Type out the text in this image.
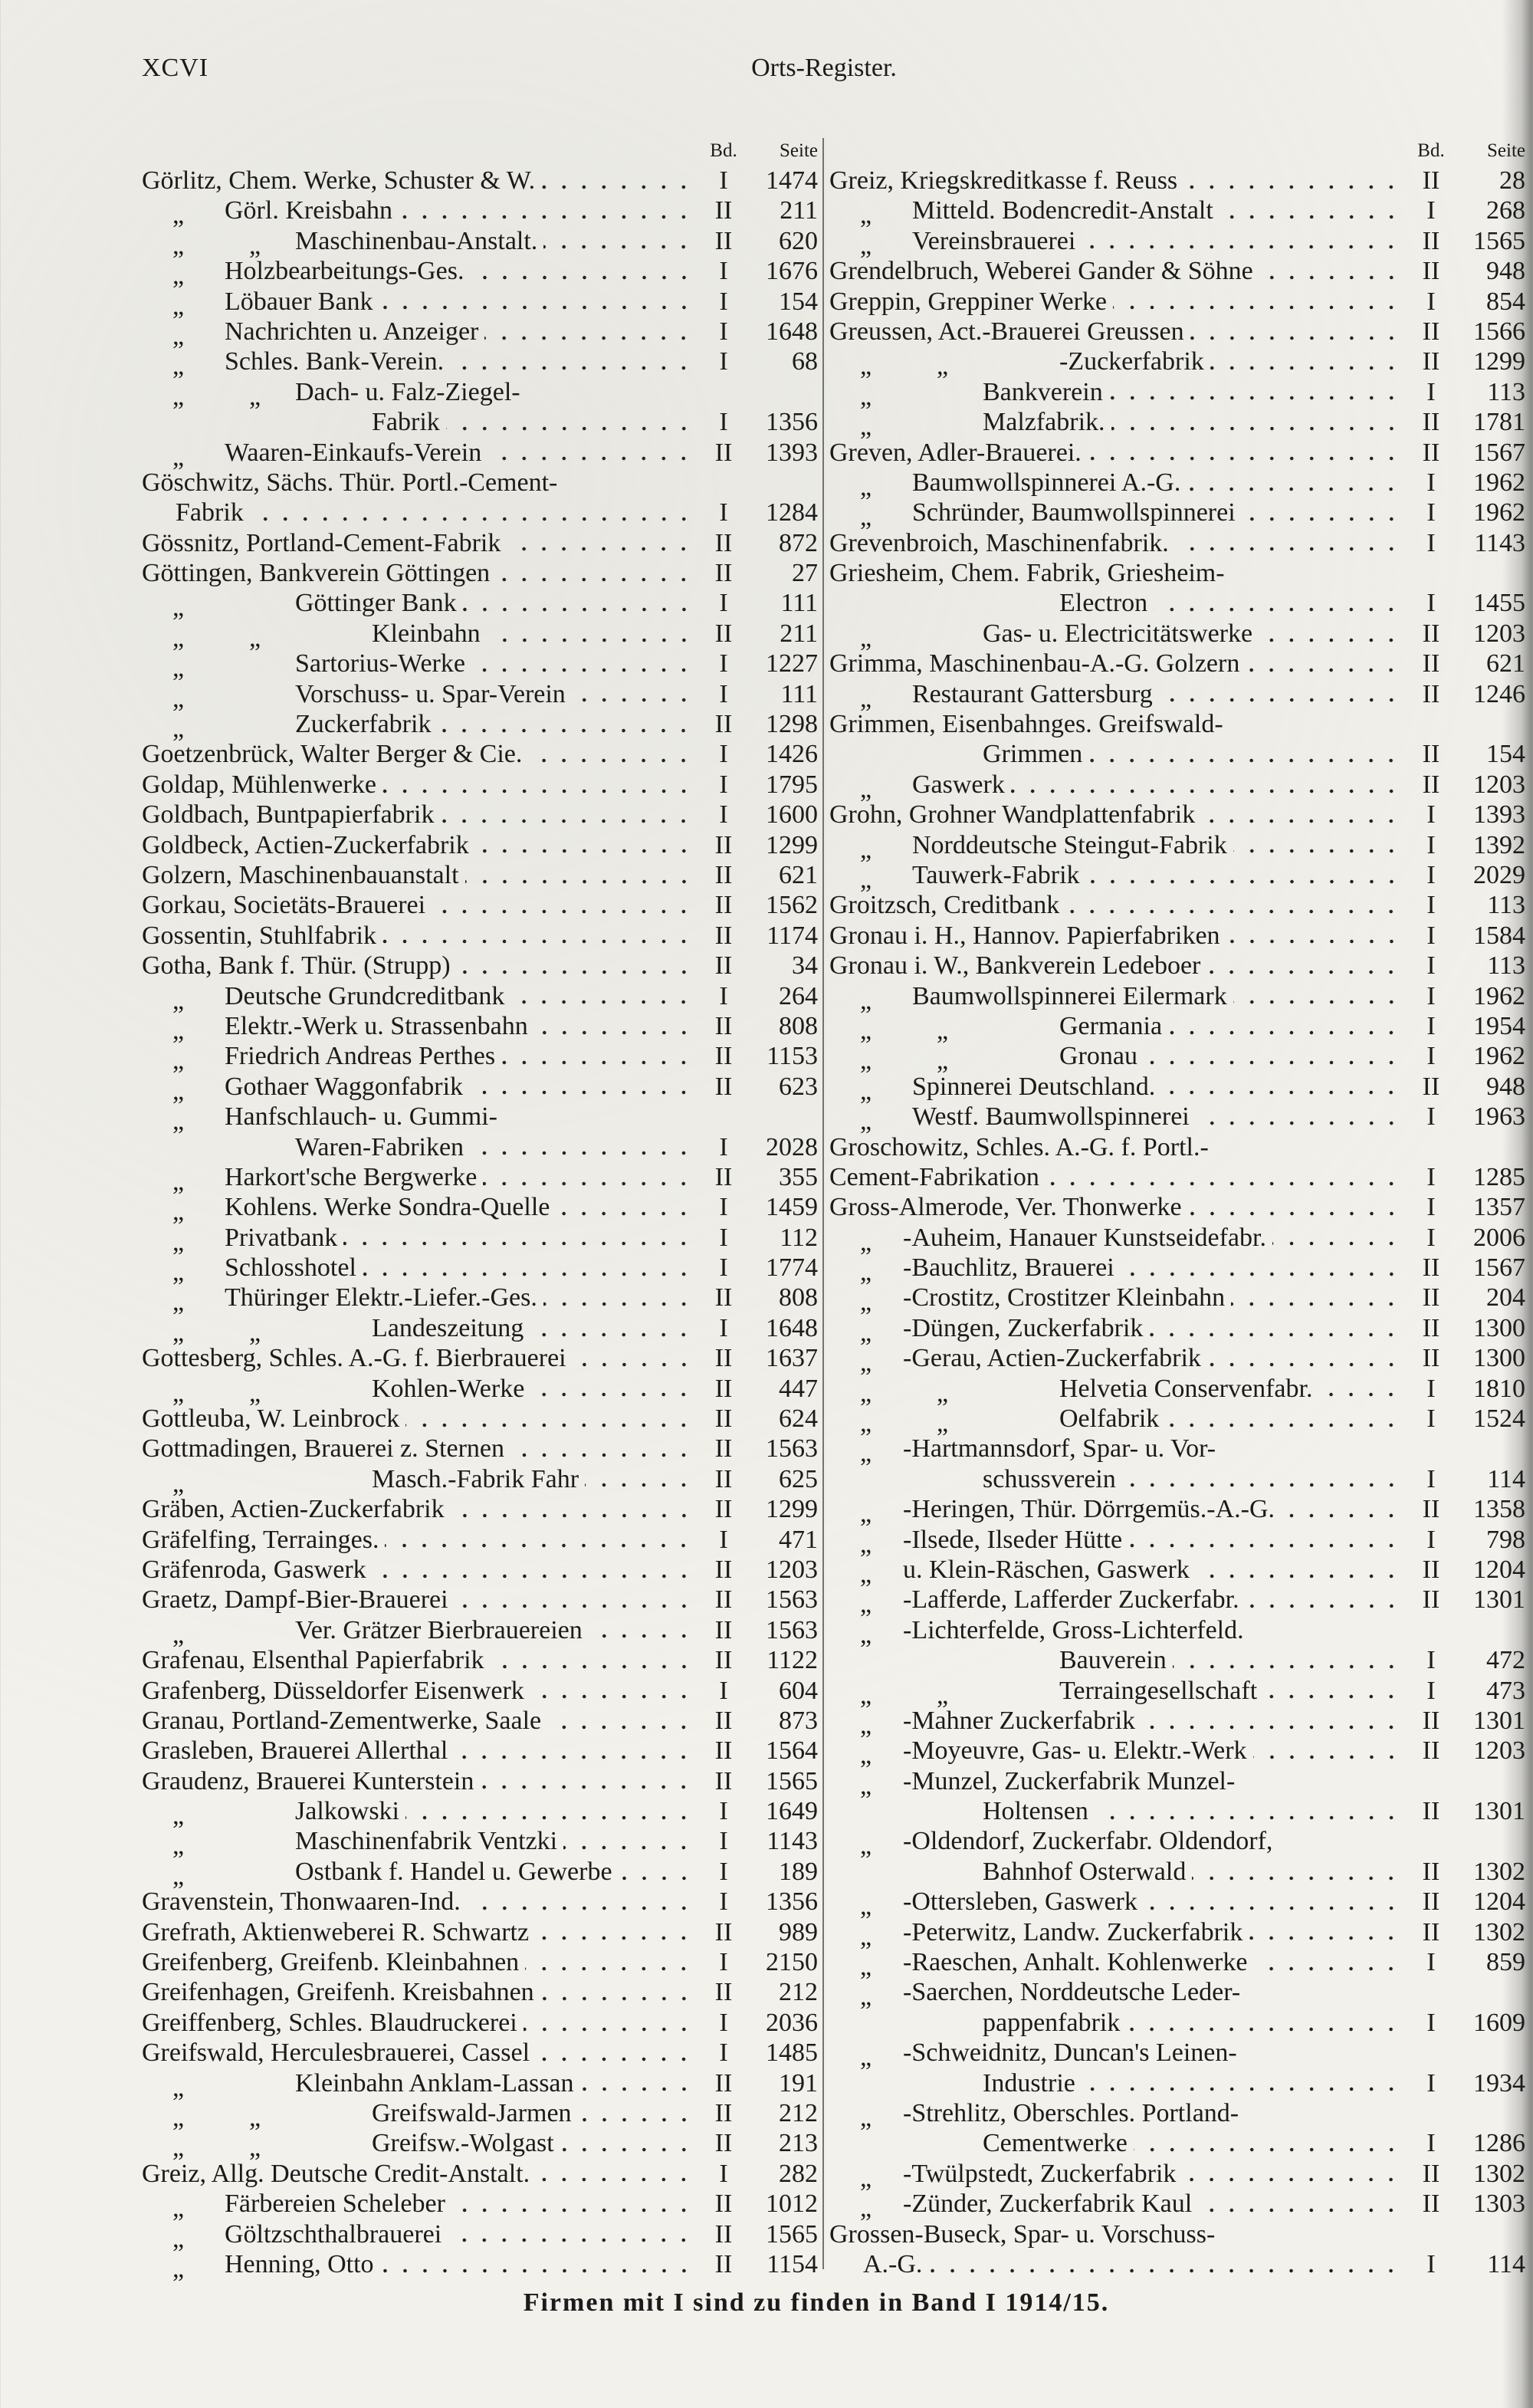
XCVI	Orts-Register.
Bd.	Seite
Görlitz, Chem. Werke, Schuster & W.	I	1474
„	Görl. Kreisbahn	II	211
„ „	Maschinenbau-Anstalt.	II	620
„	Holzbearbeitungs-Ges.	I	1676
„	Löbauer Bank	I	154
„	Nachrichten u. Anzeiger	I	1648
„	Schles. Bank-Verein.	I	68
„ „	Dach- u. Falz-Ziegel-
Fabrik	I	1356
„	Waaren-Einkaufs-Verein	II	1393
Göschwitz, Sächs. Thür. Portl.-Cement-
Fabrik	I	1284
Gössnitz, Portland-Cement-Fabrik	II	872
Göttingen, Bankverein Göttingen	II	27
„	Göttinger Bank	I	111
„ „	Kleinbahn	II	211
„	Sartorius-Werke	I	1227
„	Vorschuss- u. Spar-Verein	I	111
„	Zuckerfabrik	II	1298
Goetzenbrück, Walter Berger & Cie.	I	1426
Goldap, Mühlenwerke	I	1795
Goldbach, Buntpapierfabrik	I	1600
Goldbeck, Actien-Zuckerfabrik	II	1299
Golzern, Maschinenbauanstalt	II	621
Gorkau, Societäts-Brauerei	II	1562
Gossentin, Stuhlfabrik	II	1174
Gotha, Bank f. Thür. (Strupp)	II	34
„	Deutsche Grundcreditbank	I	264
„	Elektr.-Werk u. Strassenbahn	II	808
„	Friedrich Andreas Perthes	II	1153
„	Gothaer Waggonfabrik	II	623
„	Hanfschlauch- u. Gummi-
Waren-Fabriken	I	2028
„	Harkort'sche Bergwerke	II	355
„	Kohlens. Werke Sondra-Quelle	I	1459
„	Privatbank	I	112
„	Schlosshotel	I	1774
„	Thüringer Elektr.-Liefer.-Ges.	II	808
„ „	Landeszeitung	I	1648
Gottesberg, Schles. A.-G. f. Bierbrauerei	II	1637
„ „	Kohlen-Werke	II	447
Gottleuba, W. Leinbrock	II	624
Gottmadingen, Brauerei z. Sternen	II	1563
„	Masch.-Fabrik Fahr	II	625
Gräben, Actien-Zuckerfabrik	II	1299
Gräfelfing, Terrainges.	I	471
Gräfenroda, Gaswerk	II	1203
Graetz, Dampf-Bier-Brauerei	II	1563
„	Ver. Grätzer Bierbrauereien	II	1563
Grafenau, Elsenthal Papierfabrik	II	1122
Grafenberg, Düsseldorfer Eisenwerk	I	604
Granau, Portland-Zementwerke, Saale	II	873
Grasleben, Brauerei Allerthal	II	1564
Graudenz, Brauerei Kunterstein	II	1565
„	Jalkowski	I	1649
„	Maschinenfabrik Ventzki	I	1143
„	Ostbank f. Handel u. Gewerbe	I	189
Gravenstein, Thonwaaren-Ind.	I	1356
Grefrath, Aktienweberei R. Schwartz	II	989
Greifenberg, Greifenb. Kleinbahnen	I	2150
Greifenhagen, Greifenh. Kreisbahnen	II	212
Greiffenberg, Schles. Blaudruckerei	I	2036
Greifswald, Herculesbrauerei, Cassel	I	1485
„	Kleinbahn Anklam-Lassan	II	191
„ „	Greifswald-Jarmen	II	212
„ „	Greifsw.-Wolgast	II	213
Greiz, Allg. Deutsche Credit-Anstalt.	I	282
„	Färbereien Scheleber	II	1012
„	Göltzschthalbrauerei	II	1565
„	Henning, Otto	II	1154
Bd.	Seite
Greiz, Kriegskreditkasse f. Reuss	II	28
„	Mitteld. Bodencredit-Anstalt	I	268
„	Vereinsbrauerei	II	1565
Grendelbruch, Weberei Gander & Söhne	II	948
Greppin, Greppiner Werke	I	854
Greussen, Act.-Brauerei Greussen	II	1566
„ „	-Zuckerfabrik	II	1299
„	Bankverein	I	113
„	Malzfabrik.	II	1781
Greven, Adler-Brauerei.	II	1567
„	Baumwollspinnerei A.-G.	I	1962
„	Schründer, Baumwollspinnerei	I	1962
Grevenbroich, Maschinenfabrik.	I	1143
Griesheim, Chem. Fabrik, Griesheim-
Electron	I	1455
„	Gas- u. Electricitätswerke	II	1203
Grimma, Maschinenbau-A.-G. Golzern	II	621
„	Restaurant Gattersburg	II	1246
Grimmen, Eisenbahnges. Greifswald-
Grimmen	II	154
„	Gaswerk	II	1203
Grohn, Grohner Wandplattenfabrik	I	1393
„	Norddeutsche Steingut-Fabrik	I	1392
„	Tauwerk-Fabrik	I	2029
Groitzsch, Creditbank	I	113
Gronau i. H., Hannov. Papierfabriken	I	1584
Gronau i. W., Bankverein Ledeboer	I	113
„	Baumwollspinnerei Eilermark	I	1962
„ „	Germania	I	1954
„ „	Gronau	I	1962
„	Spinnerei Deutschland.	II	948
„	Westf. Baumwollspinnerei	I	1963
Groschowitz, Schles. A.-G. f. Portl.-
Cement-Fabrikation	I	1285
Gross-Almerode, Ver. Thonwerke	I	1357
„	-Auheim, Hanauer Kunstseidefabr.	I	2006
„	-Bauchlitz, Brauerei	II	1567
„	-Crostitz, Crostitzer Kleinbahn	II	204
„	-Düngen, Zuckerfabrik	II	1300
„	-Gerau, Actien-Zuckerfabrik	II	1300
„ „	Helvetia Conservenfabr.	I	1810
„ „	Oelfabrik	I	1524
„	-Hartmannsdorf, Spar- u. Vor-
schussverein	I	114
„	-Heringen, Thür. Dörrgemüs.-A.-G.	II	1358
„	-Ilsede, Ilseder Hütte	I	798
„	u. Klein-Räschen, Gaswerk	II	1204
„	-Lafferde, Lafferder Zuckerfabr.	II	1301
„	-Lichterfelde, Gross-Lichterfeld.
Bauverein	I	472
„ „	Terraingesellschaft	I	473
„	-Mahner Zuckerfabrik	II	1301
„	-Moyeuvre, Gas- u. Elektr.-Werk	II	1203
„	-Munzel, Zuckerfabrik Munzel-
Holtensen	II	1301
„	-Oldendorf, Zuckerfabr. Oldendorf,
Bahnhof Osterwald	II	1302
„	-Ottersleben, Gaswerk	II	1204
„	-Peterwitz, Landw. Zuckerfabrik	II	1302
„	-Raeschen, Anhalt. Kohlenwerke	I	859
„	-Saerchen, Norddeutsche Leder-
pappenfabrik	I	1609
„	-Schweidnitz, Duncan's Leinen-
Industrie	I	1934
„	-Strehlitz, Oberschles. Portland-
Cementwerke	I	1286
„	-Twülpstedt, Zuckerfabrik	II	1302
„	-Zünder, Zuckerfabrik Kaul	II	1303
Grossen-Buseck, Spar- u. Vorschuss-
A.-G.	I	114
Firmen mit I sind zu finden in Band I 1914/15.
